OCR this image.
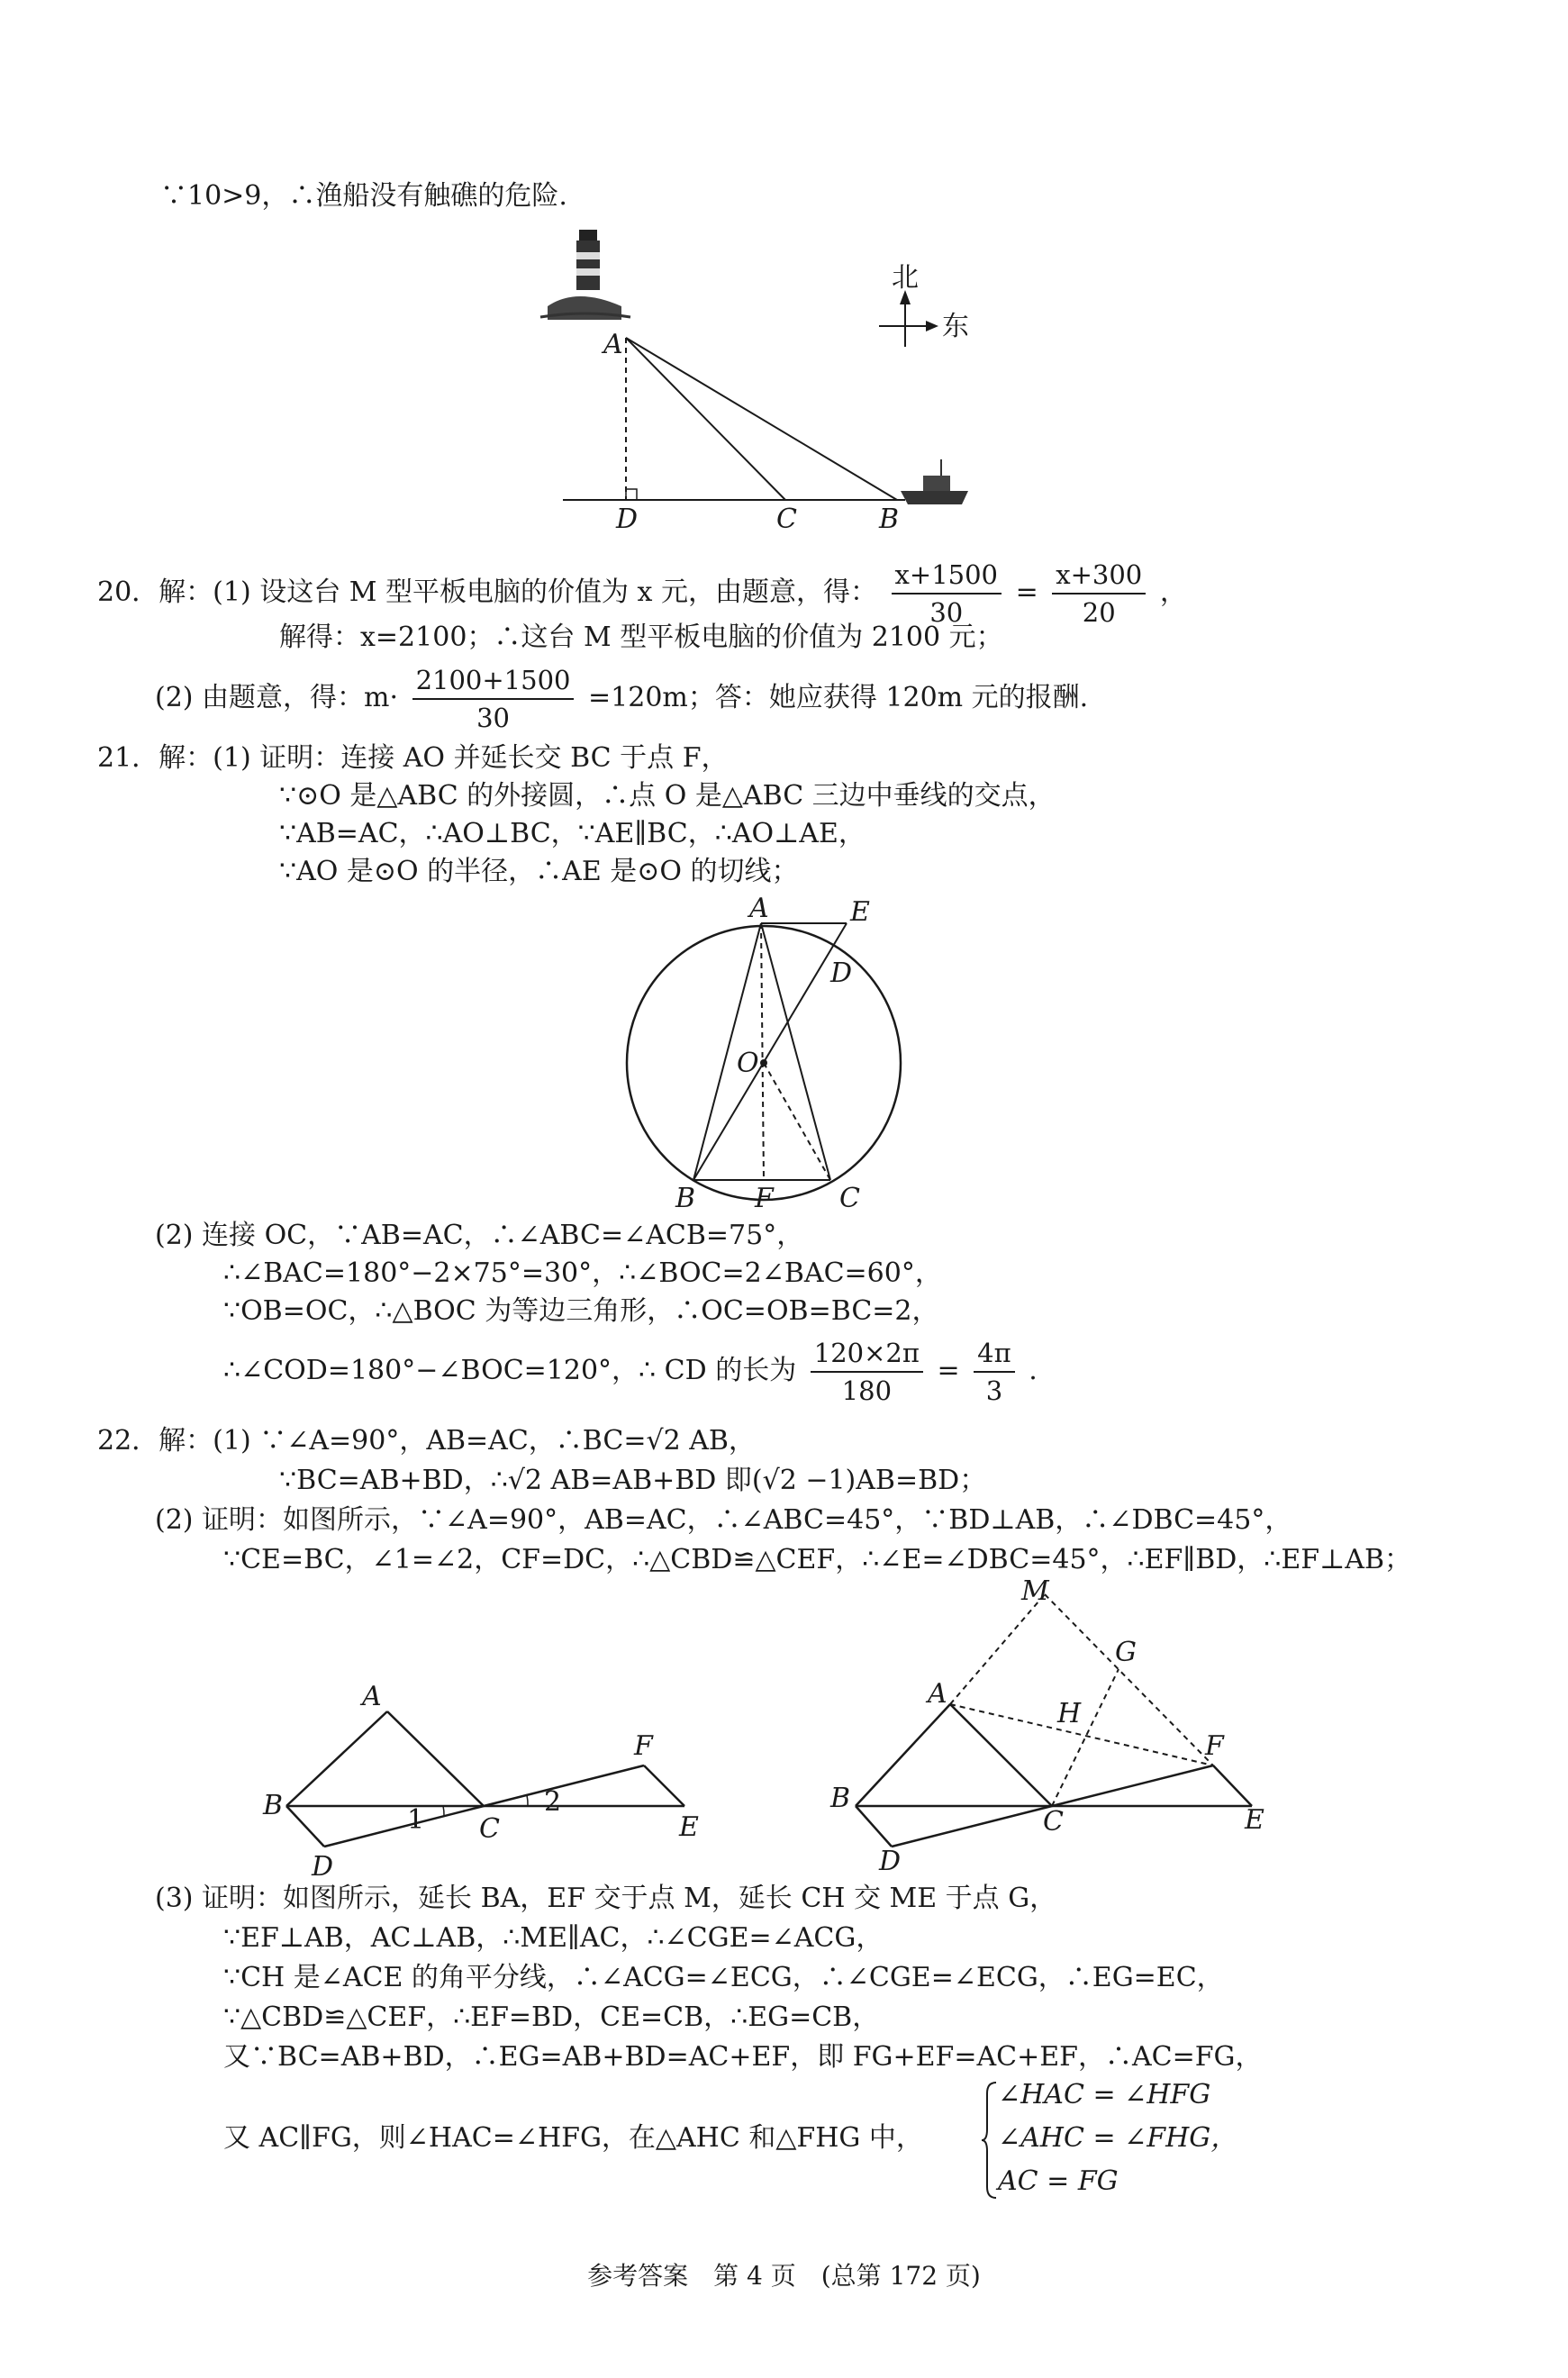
∵10>9，∴渔船没有触礁的危险.
北
东
A
D	C	B
20．解：(1) 设这台 M 型平板电脑的价值为 x 元，由题意，得： $\frac{x+1500}{30} = \frac{x+300}{20}$ ，
解得：x=2100；∴这台 M 型平板电脑的价值为 2100 元；
(2) 由题意，得：$m\cdot \frac{2100+1500}{30} =120m$；答：她应获得 120m 元的报酬.
21．解：(1) 证明：连接 AO 并延长交 BC 于点 F，
∵⊙O 是△ABC 的外接圆，∴点 O 是△ABC 三边中垂线的交点，
∵AB=AC，∴AO⊥BC，∵AE∥BC，∴AO⊥AE，
∵AO 是⊙O 的半径，∴AE 是⊙O 的切线；
A	E
D
O
B F C
(2) 连接 OC，∵AB=AC，∴∠ABC=∠ACB=75°，
∴∠BAC=180°−2×75°=30°，∴∠BOC=2∠BAC=60°，
∵OB=OC，∴△BOC 为等边三角形，∴OC=OB=BC=2，
∴∠COD=180°−∠BOC=120°，∴ CD 的长为 $\frac{120\times 2\pi}{180} = \frac{4\pi}{3}$ .
22．解：(1) ∵∠A=90°，AB=AC，∴BC=√2 AB，
∵BC=AB+BD，∴√2 AB=AB+BD 即(√2 −1)AB=BD；
(2) 证明：如图所示，∵∠A=90°，AB=AC，∴∠ABC=45°，∵BD⊥AB，∴∠DBC=45°，
∵CE=BC，∠1=∠2，CF=DC，∴△CBD≌△CEF，∴∠E=∠DBC=45°，∴EF∥BD，∴EF⊥AB；
A
B
C
D
E
F
1
2
M
G
A
H
F
B
C	E
D
(3) 证明：如图所示，延长 BA，EF 交于点 M，延长 CH 交 ME 于点 G，
∵EF⊥AB，AC⊥AB，∴ME∥AC，∴∠CGE=∠ACG，
∵CH 是∠ACE 的角平分线，∴∠ACG=∠ECG，∴∠CGE=∠ECG，∴EG=EC，
∵△CBD≌△CEF，∴EF=BD，CE=CB，∴EG=CB，
又∵BC=AB+BD，∴EG=AB+BD=AC+EF，即 FG+EF=AC+EF，∴AC=FG，
又 AC∥FG，则∠HAC=∠HFG，在△AHC 和△FHG 中，
∠HAC = ∠HFG
∠AHC = ∠FHG，
AC = FG
参考答案　第 4 页　(总第 172 页)
